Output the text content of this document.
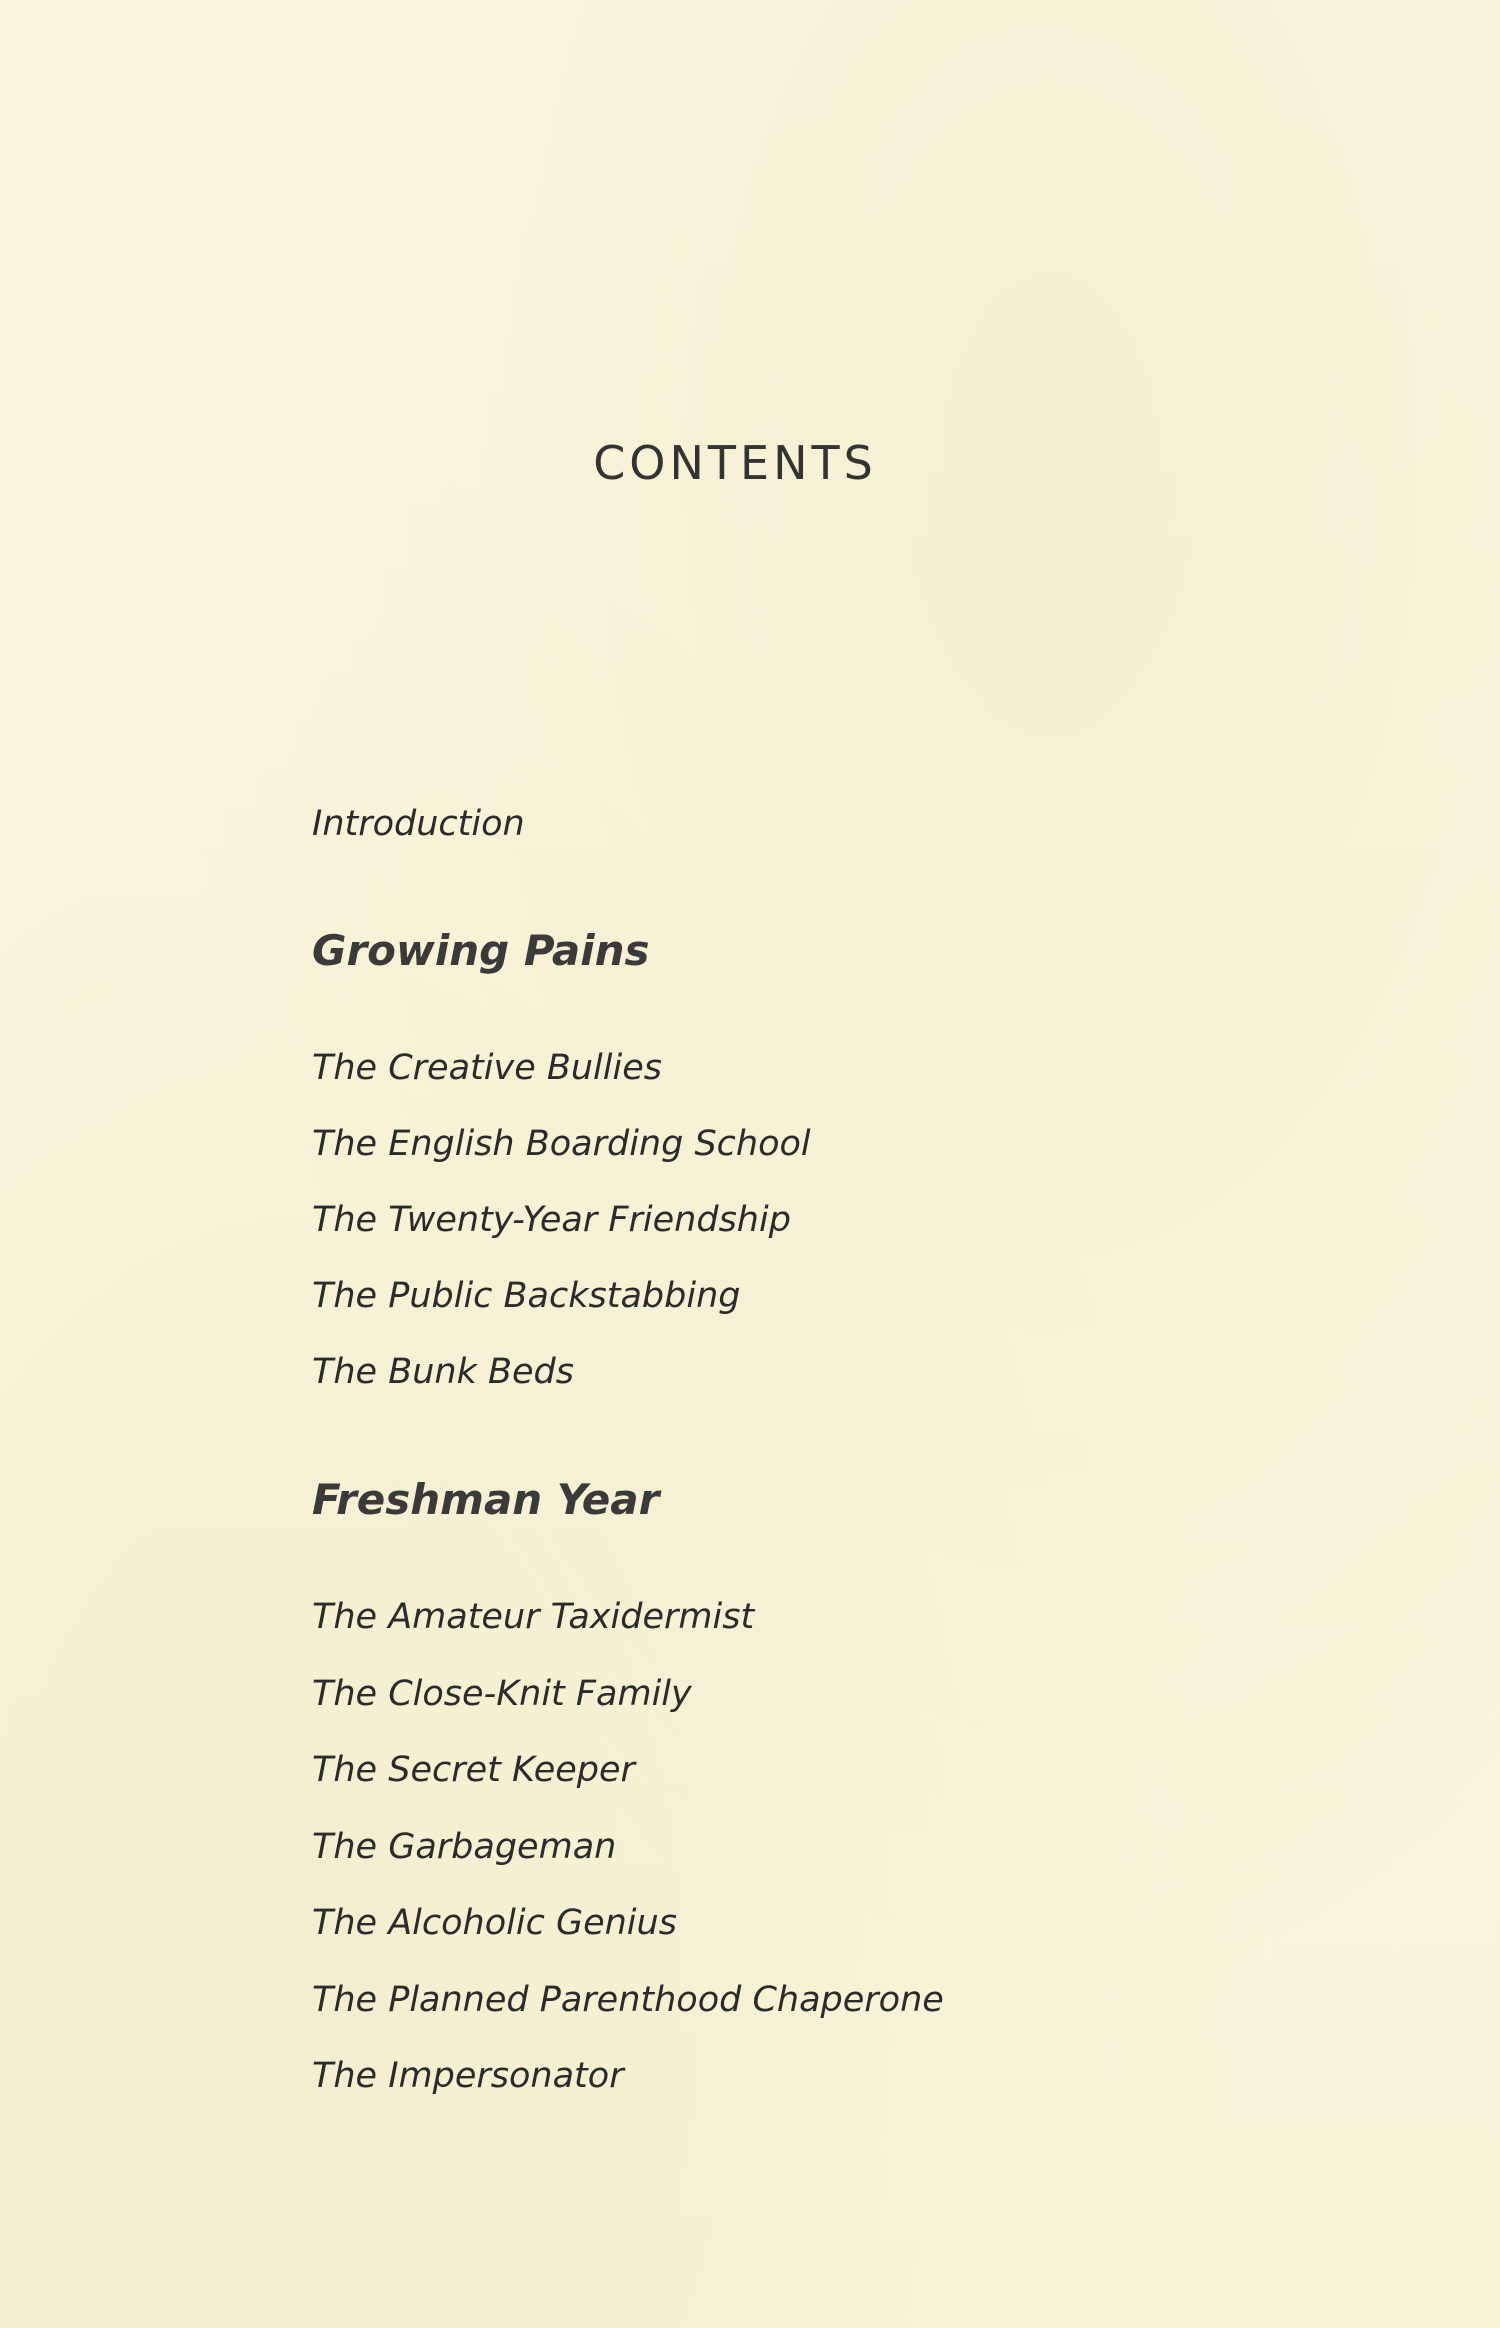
CONTENTS
Introduction
Growing Pains
The Creative Bullies
The English Boarding School
The Twenty-Year Friendship
The Public Backstabbing
The Bunk Beds
Freshman Year
The Amateur Taxidermist
The Close-Knit Family
The Secret Keeper
The Garbageman
The Alcoholic Genius
The Planned Parenthood Chaperone
The Impersonator
